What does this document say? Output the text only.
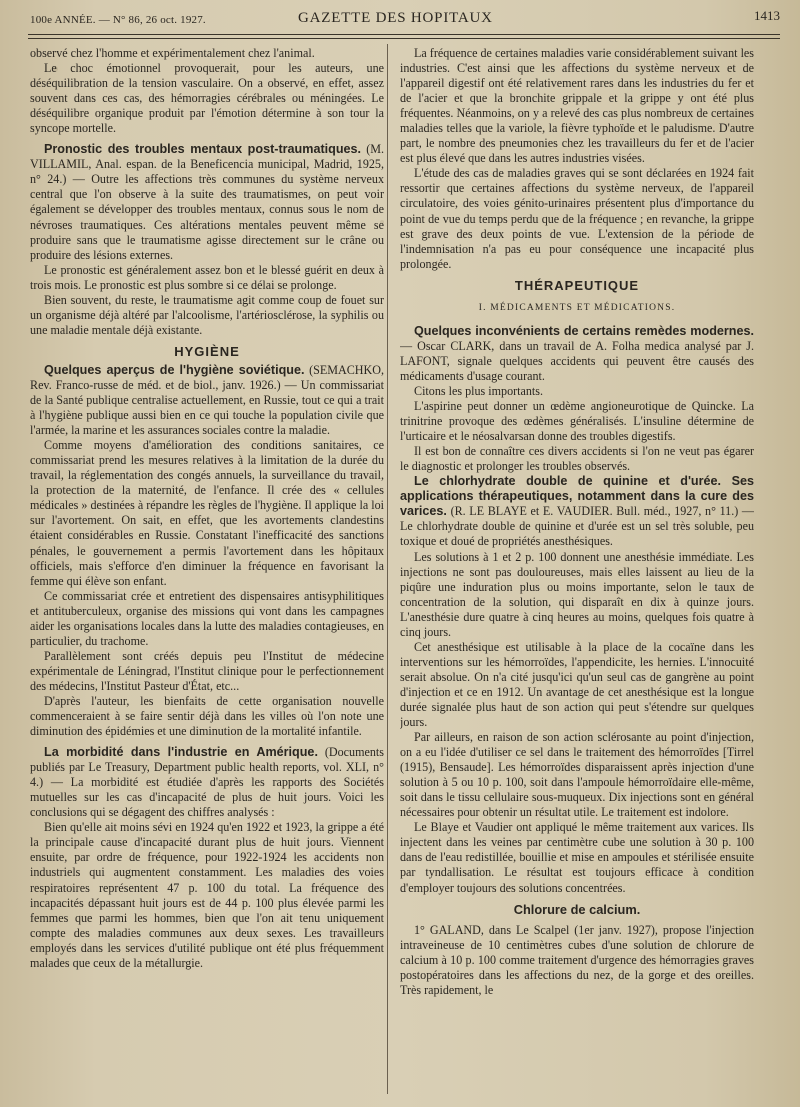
100e ANNÉE. — N° 86, 26 oct. 1927.	GAZETTE DES HOPITAUX	1413

observé chez l'homme et expérimentalement chez l'animal.

Le choc émotionnel provoquerait, pour les auteurs, une déséquilibration de la tension vasculaire. On a observé, en effet, assez souvent dans ces cas, des hémorragies cérébrales ou méningées. Le déséquilibre organique produit par l'émotion détermine à son tour la syncope mortelle.

Pronostic des troubles mentaux post-traumatiques. (M. VILLAMIL, Anal. espan. de la Beneficencia municipal, Madrid, 1925, n° 24.) — Outre les affections très communes du système nerveux central que l'on observe à la suite des traumatismes, on peut voir également se développer des troubles mentaux, connus sous le nom de névroses traumatiques. Ces altérations mentales peuvent même se produire sans que le traumatisme agisse directement sur le crâne ou produire des lésions externes.

Le pronostic est généralement assez bon et le blessé guérit en deux à trois mois. Le pronostic est plus sombre si ce délai se prolonge.

Bien souvent, du reste, le traumatisme agit comme coup de fouet sur un organisme déjà altéré par l'alcoolisme, l'artériosclérose, la syphilis ou une maladie mentale déjà existante.

HYGIÈNE

Quelques aperçus de l'hygiène soviétique. (SEMACHKO, Rev. Franco-russe de méd. et de biol., janv. 1926.) — Un commissariat de la Santé publique centralise actuellement, en Russie, tout ce qui a trait à l'hygiène publique aussi bien en ce qui touche la population civile que l'armée, la marine et les assurances sociales contre la maladie.

Comme moyens d'amélioration des conditions sanitaires, ce commissariat prend les mesures relatives à la limitation de la durée du travail, la réglementation des congés annuels, la surveillance du travail, la protection de la maternité, de l'enfance. Il crée des « cellules médicales » destinées à répandre les règles de l'hygiène. Il applique la loi sur l'avortement. On sait, en effet, que les avortements clandestins étaient considérables en Russie. Constatant l'inefficacité des sanctions pénales, le gouvernement a permis l'avortement dans les hôpitaux officiels, mais s'efforce d'en diminuer la fréquence en favorisant la femme qui élève son enfant.

Ce commissariat crée et entretient des dispensaires antisyphilitiques et antituberculeux, organise des missions qui vont dans les campagnes aider les organisations locales dans la lutte des maladies contagieuses, en particulier, du trachome.

Parallèlement sont créés depuis peu l'Institut de médecine expérimentale de Léningrad, l'Institut clinique pour le perfectionnement des médecins, l'Institut Pasteur d'État, etc...

D'après l'auteur, les bienfaits de cette organisation nouvelle commenceraient à se faire sentir déjà dans les villes où l'on note une diminution des épidémies et une diminution de la mortalité infantile.

La morbidité dans l'industrie en Amérique. (Documents publiés par Le Treasury, Department public health reports, vol. XLI, n° 4.) — La morbidité est étudiée d'après les rapports des Sociétés mutuelles sur les cas d'incapacité de plus de huit jours. Voici les conclusions qui se dégagent des chiffres analysés :

Bien qu'elle ait moins sévi en 1924 qu'en 1922 et 1923, la grippe a été la principale cause d'incapacité durant plus de huit jours. Viennent ensuite, par ordre de fréquence, pour 1922-1924 les accidents non industriels qui augmentent constamment. Les maladies des voies respiratoires représentent 47 p. 100 du total. La fréquence des incapacités dépassant huit jours est de 44 p. 100 plus élevée parmi les femmes que parmi les hommes, bien que l'on ait tenu uniquement compte des maladies communes aux deux sexes. Les travailleurs employés dans les services d'utilité publique ont été plus fréquemment malades que ceux de la métallurgie.

La fréquence de certaines maladies varie considérablement suivant les industries. C'est ainsi que les affections du système nerveux et de l'appareil digestif ont été relativement rares dans les industries du fer et de l'acier et que la bronchite grippale et la grippe y ont été plus fréquentes. Néanmoins, on y a relevé des cas plus nombreux de certaines maladies telles que la variole, la fièvre typhoïde et le paludisme. D'autre part, le nombre des pneumonies chez les travailleurs du fer et de l'acier est plus élevé que dans les autres industries visées.

L'étude des cas de maladies graves qui se sont déclarées en 1924 fait ressortir que certaines affections du système nerveux, de l'appareil circulatoire, des voies génito-urinaires présentent plus d'importance du point de vue du temps perdu que de la fréquence ; en revanche, la grippe est grave des deux points de vue. L'extension de la période de l'indemnisation n'a pas eu pour conséquence une incapacité plus prolongée.

THÉRAPEUTIQUE
I. MÉDICAMENTS ET MÉDICATIONS.

Quelques inconvénients de certains remèdes modernes. — Oscar CLARK, dans un travail de A. Folha medica analysé par J. LAFONT, signale quelques accidents qui peuvent être causés des médicaments d'usage courant.

Citons les plus importants.

L'aspirine peut donner un œdème angioneurotique de Quincke. La trinitrine provoque des œdèmes généralisés. L'insuline détermine de l'urticaire et le néosalvarsan donne des troubles digestifs.

Il est bon de connaître ces divers accidents si l'on ne veut pas égarer le diagnostic et prolonger les troubles observés.

Le chlorhydrate double de quinine et d'urée. Ses applications thérapeutiques, notamment dans la cure des varices. (R. LE BLAYE et E. VAUDIER. Bull. méd., 1927, n° 11.) — Le chlorhydrate double de quinine et d'urée est un sel très soluble, peu toxique et doué de propriétés anesthésiques.

Les solutions à 1 et 2 p. 100 donnent une anesthésie immédiate. Les injections ne sont pas douloureuses, mais elles laissent au lieu de la piqûre une induration plus ou moins importante, selon le taux de concentration de la solution, qui disparaît en dix à quinze jours. L'anesthésie dure quatre à cinq heures au moins, quelques fois quatre à cinq jours.

Cet anesthésique est utilisable à la place de la cocaïne dans les interventions sur les hémorroïdes, l'appendicite, les hernies. L'innocuité serait absolue. On n'a cité jusqu'ici qu'un seul cas de gangrène au point d'injection et ce en 1912. Un avantage de cet anesthésique est la longue durée signalée plus haut de son action qui peut s'étendre sur quelques jours.

Par ailleurs, en raison de son action sclérosante au point d'injection, on a eu l'idée d'utiliser ce sel dans le traitement des hémorroïdes [Tirrel (1915), Bensaude]. Les hémorroïdes disparaissent après injection d'une solution à 5 ou 10 p. 100, soit dans l'ampoule hémorroïdaire elle-même, soit dans le tissu cellulaire sous-muqueux. Dix injections sont en général nécessaires pour obtenir un résultat utile. Le traitement est indolore.

Le Blaye et Vaudier ont appliqué le même traitement aux varices. Ils injectent dans les veines par centimètre cube une solution à 30 p. 100 dans de l'eau redistillée, bouillie et mise en ampoules et stérilisée ensuite par tyndallisation. Le résultat est toujours efficace à condition d'employer toujours des solutions concentrées.

Chlorure de calcium.

1° GALAND, dans Le Scalpel (1er janv. 1927), propose l'injection intraveineuse de 10 centimètres cubes d'une solution de chlorure de calcium à 10 p. 100 comme traitement d'urgence des hémorragies graves postopératoires dans les affections du nez, de la gorge et des oreilles. Très rapidement, le
